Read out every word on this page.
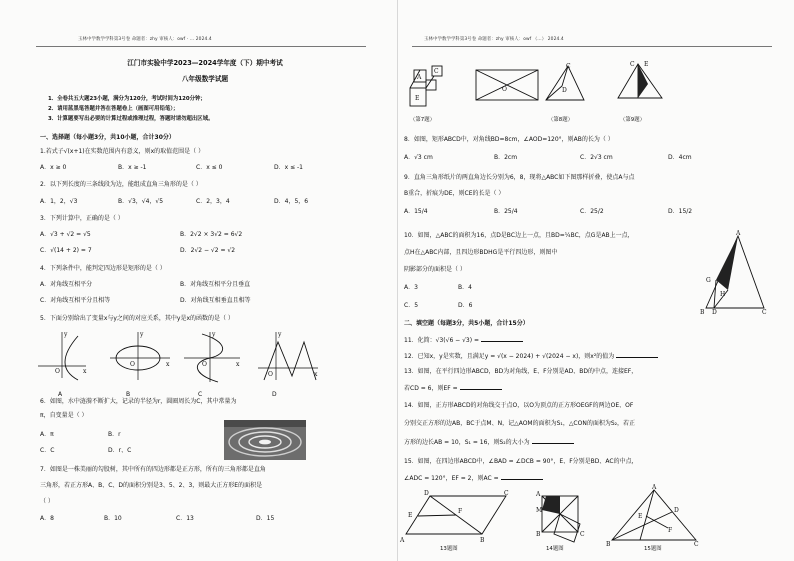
玉林中学数学学科第3号卷 命题者：zhy 审核人：owf · … 2024.4
江门市实验中学2023—2024学年度（下）期中考试
八年级数学试题
1．全卷共五大题23小题，满分为120分，考试时间为120分钟；
2．请用蓝黑笔答题并答在答题卷上（画图可用铅笔）；
3．计算题要写出必要的计算过程或推理过程，答题时请勿超出区域。
一、选择题（每小题3分，共10小题，合计30分）
1.若式子√(x+1)在实数范围内有意义，则x的取值范围是（ ）
A．x ≥ 0	B．x ≥ -1	C．x ≤ 0	D．x ≤ -1
2．以下列长度的三条线段为边，能组成直角三角形的是（ ）
A．1，2，√3	B．√3，√4，√5	C．2，3，4	D．4，5，6
3．下列计算中，正确的是（ ）
A．√3 + √2 = √5	B．2√2 × 3√2 = 6√2
C．√(14 + 2) = 7	D．2√2 − √2 = √2
4．下列条件中，能判定四边形是矩形的是（ ）
A．对角线互相平分	B．对角线互相平分且垂直
C．对角线互相平分且相等	D．对角线互相垂直且相等
5．下面分别给出了变量x与y之间的对应关系，其中y是x的函数的是（ ）
y
x
O
y
x
O
y
x
O
y
x
O
A	B	C	D
6．如图，水中涟漪不断扩大，记录的半径为r，圆圈周长为C，其中常量为
π，自变量是（ ）
A．π	B．r
C．C	D．r、C
7．如图是一株美丽的勾股树，其中所有的四边形都是正方形，所有的三角形都是直角
三角形，若正方形A、B、C、D的面积分别是3、5、2、3，则最大正方形E的面积是
（ ）
A．8	B．10	C．13	D．15
玉林中学数学学科第3号卷 命题者：zhy 审核人：owf （…） 2024.4
E
A
C
O
C
D
C E
（第7题）	（第8题）	（第9题）
8．如图，矩形ABCD中，对角线BD=8cm，∠AOD=120°，则AB的长为（ ）
A．√3 cm	B．2cm	C．2√3 cm	D．4cm
9．直角三角形纸片的两直角边长分别为6，8，现将△ABC如下图那样折叠，使点A与点
B重合，折痕为DE，则CE的长是（ ）
A．15/4	B．25/4	C．25/2	D．15/2
10．如图，△ABC的面积为16，点D是BC边上一点，且BD=¼BC，点G是AB上一点，
点H在△ABC内部，且四边形BDHG是平行四边形，则图中
阴影部分的面积是（ ）
A．3	B．4
C．5	D．6
A
G
H
B D	C
二、填空题（每题3分，共5小题，合计15分）
11．化简：√3(√6 − √3) =
12．已知x，y是实数，且满足y = √(x − 2024) + √(2024 − x)，则x²的值为
13．如图，在平行四边形ABCD，BD为对角线，E、F分别是AD、BD的中点，连接EF，
若CD = 6，则EF =
14．如图，正方形ABCD的对角线交于点O，以O为顶点的正方形OEGF的两边OE、OF
分别交正方形的边AB，BC于点M、N，记△AOM的面积为S₁，△CON的面积为S₂，若正
方形的边长AB = 10，S₁ = 16，则S₂的大小为
15．如图，在四边形ABCD中，∠BAD = ∠DCB = 90°，E、F分别是BD、AC的中点，
∠ADC = 120°，EF = 2，则AC =
A	B
C
D
E
F
A
M
B	C
A
B	C
D
E
F
13题图	14题图	15题图
